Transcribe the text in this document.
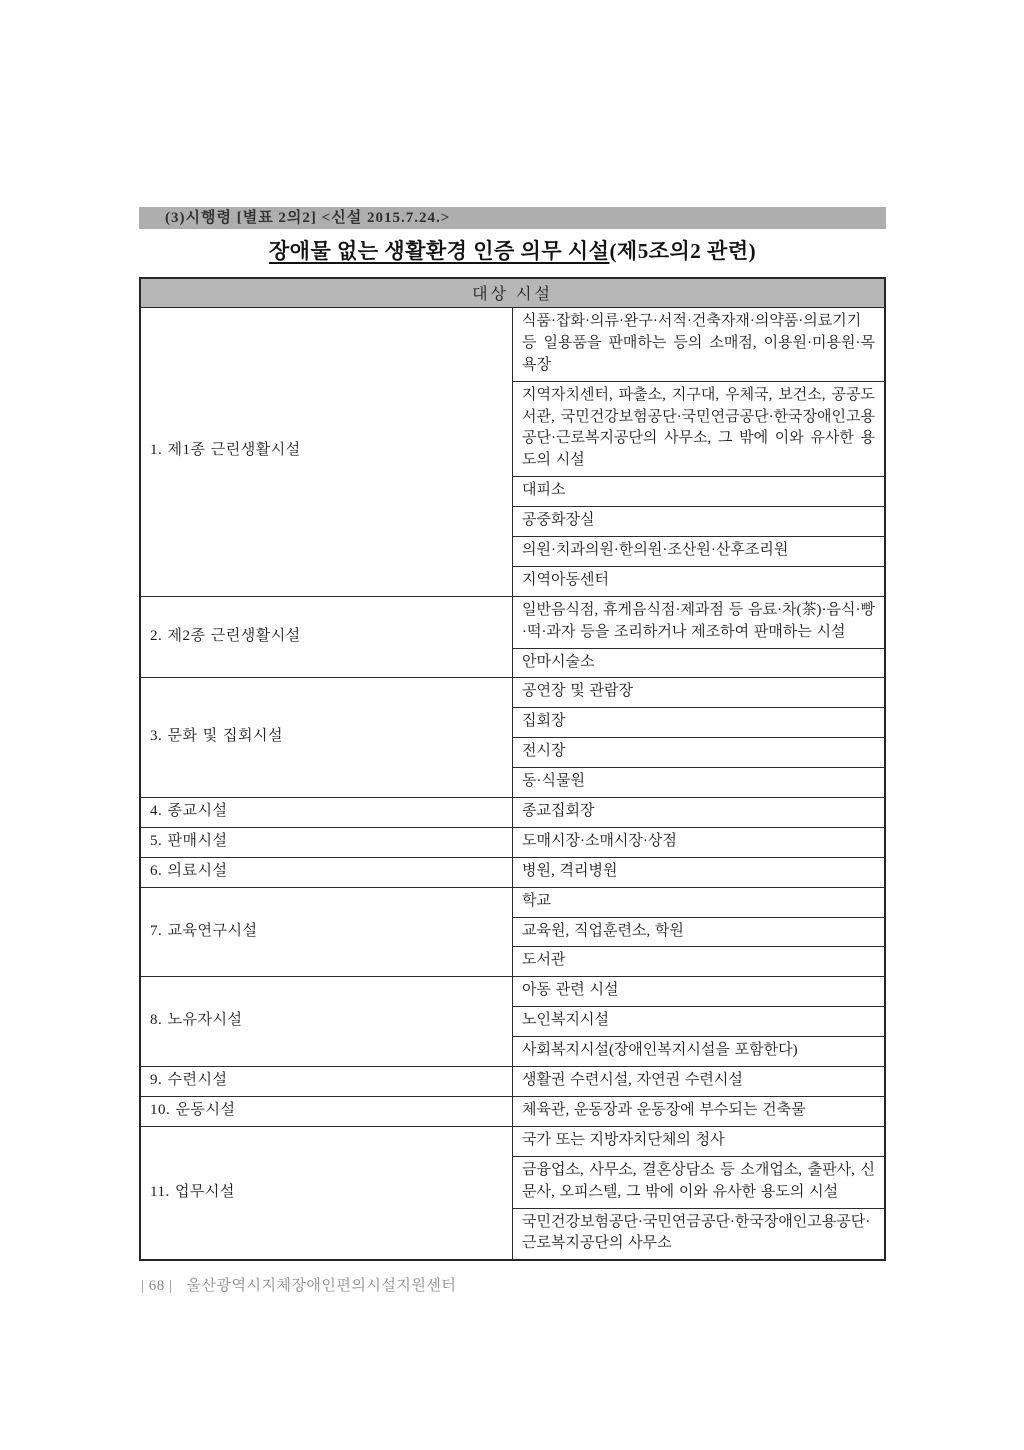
(3)시행령 [별표 2의2] <신설 2015.7.24.>
장애물 없는 생활환경 인증 의무 시설(제5조의2 관련)
대상 시설	
1. 제1종 근린생활시설	식품·잡화·의류·완구·서적·건축자재·의약품·의료기기 등 일용품을 판매하는 등의 소매점, 이용원·미용원·목욕장
	지역자치센터, 파출소, 지구대, 우체국, 보건소, 공공도서관, 국민건강보험공단·국민연금공단·한국장애인고용공단·근로복지공단의 사무소, 그 밖에 이와 유사한 용도의 시설
	대피소
	공중화장실
	의원·치과의원·한의원·조산원·산후조리원
	지역아동센터
2. 제2종 근린생활시설	일반음식점, 휴게음식점·제과점 등 음료·차(茶)·음식·빵·떡·과자 등을 조리하거나 제조하여 판매하는 시설
	안마시술소
3. 문화 및 집회시설	공연장 및 관람장
	집회장
	전시장
	동·식물원
4. 종교시설	종교집회장
5. 판매시설	도매시장·소매시장·상점
6. 의료시설	병원, 격리병원
7. 교육연구시설	학교
	교육원, 직업훈련소, 학원
	도서관
8. 노유자시설	아동 관련 시설
	노인복지시설
	사회복지시설(장애인복지시설을 포함한다)
9. 수련시설	생활권 수련시설, 자연권 수련시설
10. 운동시설	체육관, 운동장과 운동장에 부수되는 건축물
11. 업무시설	국가 또는 지방자치단체의 청사
	금융업소, 사무소, 결혼상담소 등 소개업소, 출판사, 신문사, 오피스텔, 그 밖에 이와 유사한 용도의 시설
	국민건강보험공단·국민연금공단·한국장애인고용공단·근로복지공단의 사무소
| 68 | 울산광역시지체장애인편의시설지원센터
